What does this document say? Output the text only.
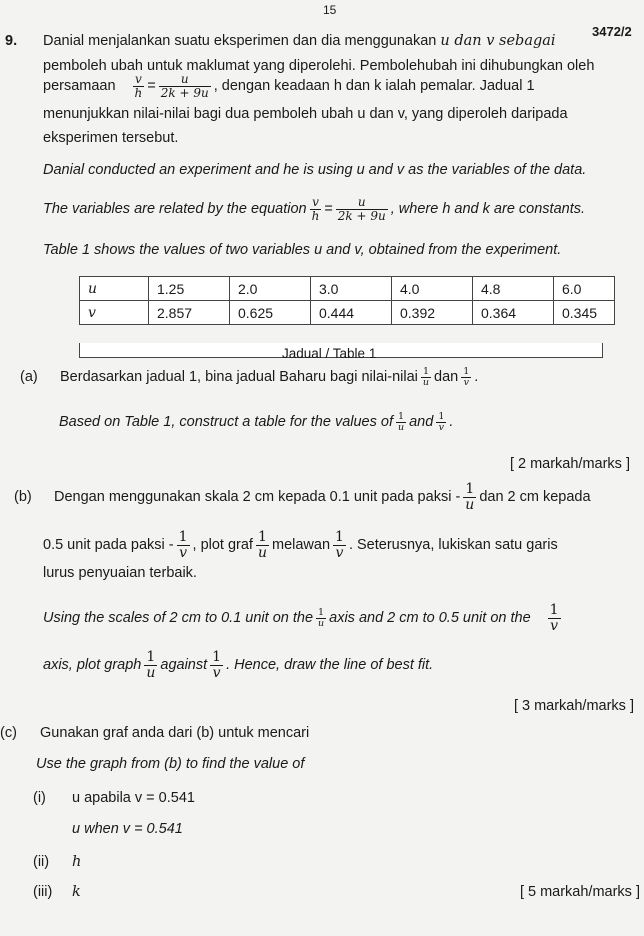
15
3472/2
9. Danial menjalankan suatu eksperimen dan dia menggunakan u dan v sebagai
pemboleh ubah untuk maklumat yang diperolehi. Pembolehubah ini dihubungkan oleh
persamaan $\frac{v}{h} = \frac{u}{2k + 9u}$ , dengan keadaan h dan k ialah pemalar. Jadual 1
menunjukkan nilai-nilai bagi dua pemboleh ubah u dan v, yang diperoleh daripada
eksperimen tersebut.
Danial conducted an experiment and he is using u and v as the variables of the data.
The variables are related by the equation $\frac{v}{h} = \frac{u}{2k + 9u}$ , where h and k are constants.
Table 1 shows the values of two variables u and v, obtained from the experiment.
u	1.25	2.0	3.0	4.0	4.8	6.0
v	2.857	0.625	0.444	0.392	0.364	0.345
Jadual / Table 1
(a)	Berdasarkan jadual 1, bina jadual Baharu bagi nilai-nilai $\frac{1}{u}$ dan $\frac{1}{v}$ .
Based on Table 1, construct a table for the values of $\frac{1}{u}$ and $\frac{1}{v}$ .
[ 2 markah/marks ]
(b)	Dengan menggunakan skala 2 cm kepada 0.1 unit pada paksi - $\frac{1}{u}$ dan 2 cm kepada
0.5 unit pada paksi - $\frac{1}{v}$ , plot graf $\frac{1}{u}$ melawan $\frac{1}{v}$ . Seterusnya, lukiskan satu garis
lurus penyuaian terbaik.
Using the scales of 2 cm to 0.1 unit on the $\frac{1}{u}$ axis and 2 cm to 0.5 unit on the $\frac{1}{v}$
axis, plot graph $\frac{1}{u}$ against $\frac{1}{v}$ . Hence, draw the line of best fit.
[ 3 markah/marks ]
(c) Gunakan graf anda dari (b) untuk mencari
Use the graph from (b) to find the value of
(i) u apabila v = 0.541
u when v = 0.541
(ii) h
(iii) k	[ 5 markah/marks ]
